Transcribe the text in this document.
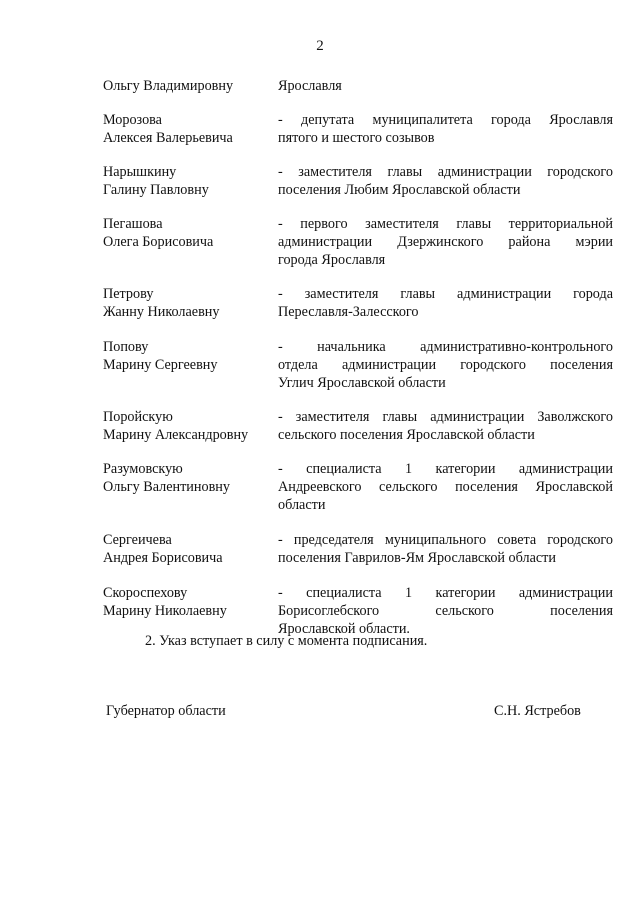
2
Ольгу Владимировну	Ярославля
Морозова
Алексея Валерьевича
- депутата муниципалитета города Ярославля
пятого и шестого созывов
Нарышкину
Галину Павловну
- заместителя главы администрации городского
поселения Любим Ярославской области
Пегашова
Олега Борисовича
- первого заместителя главы территориальной
администрации Дзержинского района мэрии
города Ярославля
Петрову
Жанну Николаевну
- заместителя главы администрации города
Переславля-Залесского
Попову
Марину Сергеевну
- начальника административно-контрольного
отдела администрации городского поселения
Углич Ярославской области
Поройскую
Марину Александровну
- заместителя главы администрации Заволжского
сельского поселения Ярославской области
Разумовскую
Ольгу Валентиновну
- специалиста 1 категории администрации
Андреевского сельского поселения Ярославской
области
Сергеичева
Андрея Борисовича
- председателя муниципального совета городского
поселения Гаврилов-Ям Ярославской области
Скороспехову
Марину Николаевну
- специалиста 1 категории администрации
Борисоглебского сельского поселения
Ярославской области.
2. Указ вступает в силу с момента подписания.
Губернатор области	С.Н. Ястребов
